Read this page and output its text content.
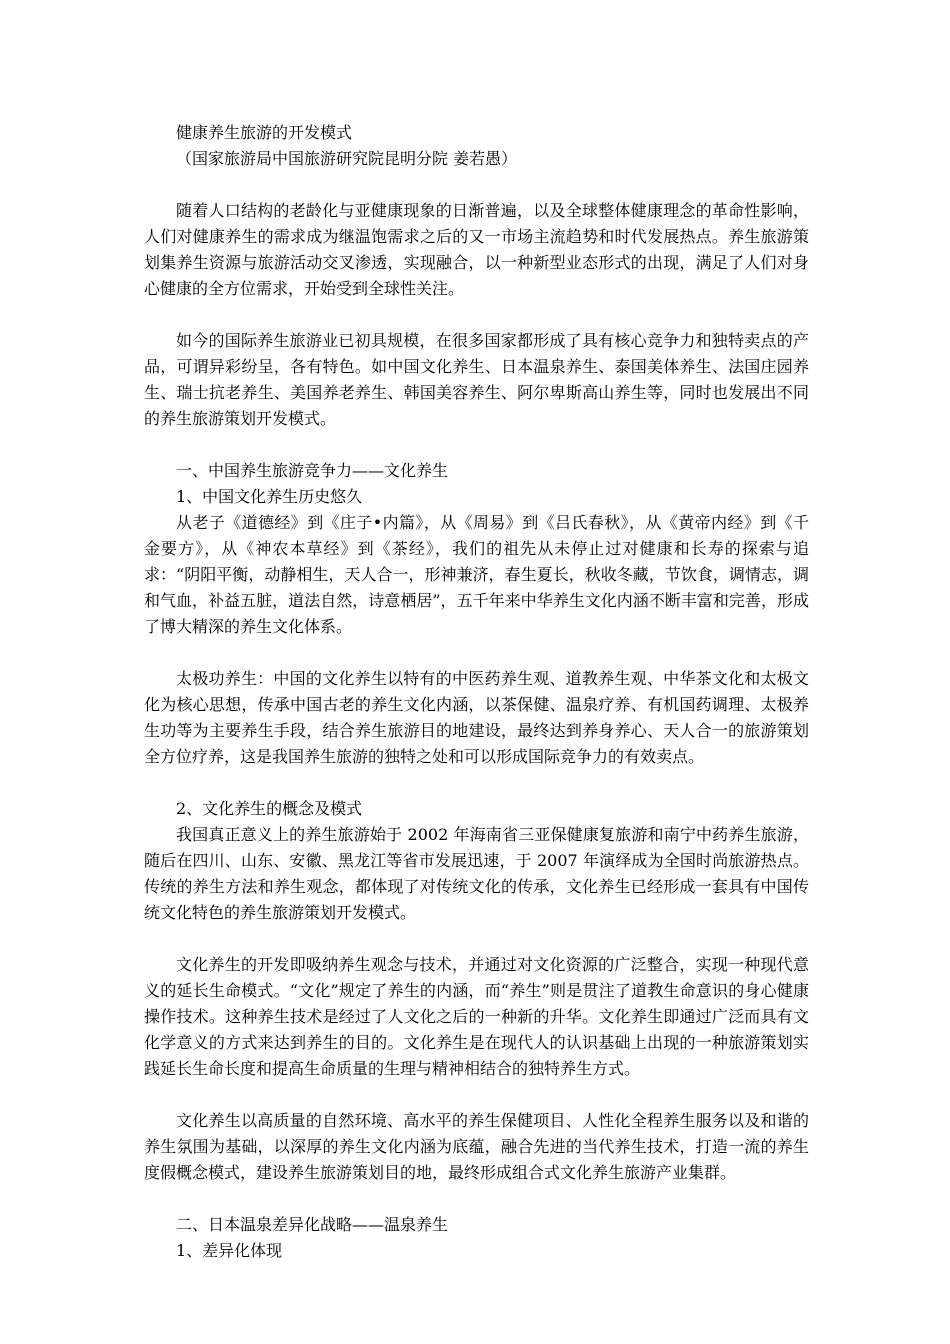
健康养生旅游的开发模式

（国家旅游局中国旅游研究院昆明分院 姜若愚）

随着人口结构的老龄化与亚健康现象的日渐普遍，以及全球整体健康理念的革命性影响，人们对健康养生的需求成为继温饱需求之后的又一市场主流趋势和时代发展热点。养生旅游策划集养生资源与旅游活动交叉渗透，实现融合，以一种新型业态形式的出现，满足了人们对身心健康的全方位需求，开始受到全球性关注。

如今的国际养生旅游业已初具规模，在很多国家都形成了具有核心竞争力和独特卖点的产品，可谓异彩纷呈，各有特色。如中国文化养生、日本温泉养生、泰国美体养生、法国庄园养生、瑞士抗老养生、美国养老养生、韩国美容养生、阿尔卑斯高山养生等，同时也发展出不同的养生旅游策划开发模式。

一、中国养生旅游竞争力——文化养生

1、中国文化养生历史悠久

从老子《道德经》到《庄子•内篇》，从《周易》到《吕氏春秋》，从《黄帝内经》到《千金要方》，从《神农本草经》到《茶经》，我们的祖先从未停止过对健康和长寿的探索与追求：“阴阳平衡，动静相生，天人合一，形神兼济，春生夏长，秋收冬藏，节饮食，调情志，调和气血，补益五脏，道法自然，诗意栖居”，五千年来中华养生文化内涵不断丰富和完善，形成了博大精深的养生文化体系。

太极功养生：中国的文化养生以特有的中医药养生观、道教养生观、中华茶文化和太极文化为核心思想，传承中国古老的养生文化内涵，以茶保健、温泉疗养、有机国药调理、太极养生功等为主要养生手段，结合养生旅游目的地建设，最终达到养身养心、天人合一的旅游策划全方位疗养，这是我国养生旅游的独特之处和可以形成国际竞争力的有效卖点。

2、文化养生的概念及模式

我国真正意义上的养生旅游始于 2002 年海南省三亚保健康复旅游和南宁中药养生旅游，随后在四川、山东、安徽、黑龙江等省市发展迅速，于 2007 年演绎成为全国时尚旅游热点。传统的养生方法和养生观念，都体现了对传统文化的传承，文化养生已经形成一套具有中国传统文化特色的养生旅游策划开发模式。

文化养生的开发即吸纳养生观念与技术，并通过对文化资源的广泛整合，实现一种现代意义的延长生命模式。“文化”规定了养生的内涵，而“养生”则是贯注了道教生命意识的身心健康操作技术。这种养生技术是经过了人文化之后的一种新的升华。文化养生即通过广泛而具有文化学意义的方式来达到养生的目的。文化养生是在现代人的认识基础上出现的一种旅游策划实践延长生命长度和提高生命质量的生理与精神相结合的独特养生方式。

文化养生以高质量的自然环境、高水平的养生保健项目、人性化全程养生服务以及和谐的养生氛围为基础，以深厚的养生文化内涵为底蕴，融合先进的当代养生技术，打造一流的养生度假概念模式，建设养生旅游策划目的地，最终形成组合式文化养生旅游产业集群。

二、日本温泉差异化战略——温泉养生

1、差异化体现
